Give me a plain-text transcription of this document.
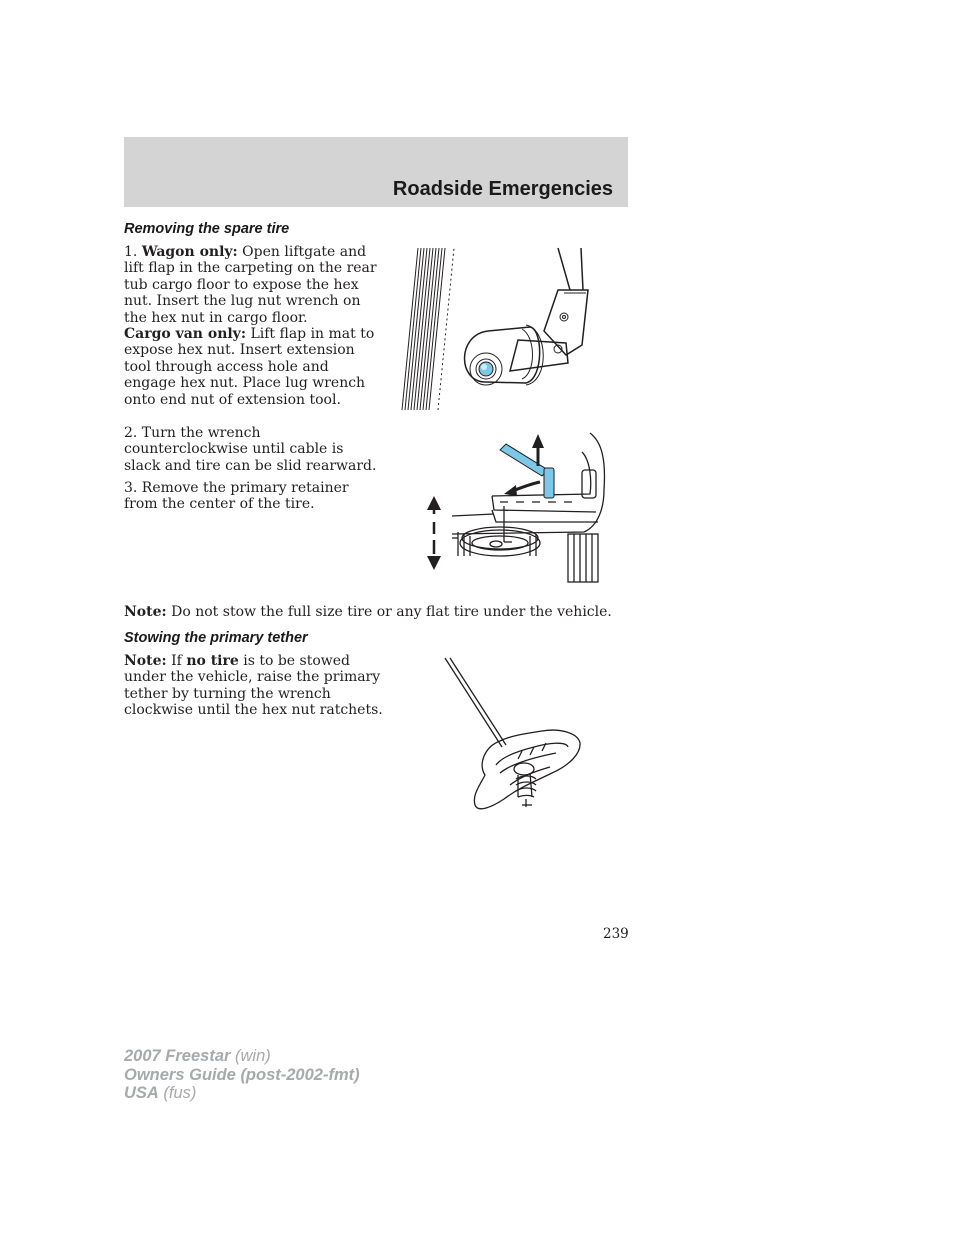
Roadside Emergencies
Removing the spare tire
1. Wagon only: Open liftgate and lift flap in the carpeting on the rear tub cargo floor to expose the hex nut. Insert the lug nut wrench on the hex nut in cargo floor.
Cargo van only: Lift flap in mat to expose hex nut. Insert extension tool through access hole and engage hex nut. Place lug wrench onto end nut of extension tool.
2. Turn the wrench counterclockwise until cable is slack and tire can be slid rearward.
3. Remove the primary retainer from the center of the tire.
Note: Do not stow the full size tire or any flat tire under the vehicle.
Stowing the primary tether
Note: If no tire is to be stowed under the vehicle, raise the primary tether by turning the wrench clockwise until the hex nut ratchets.
239
2007 Freestar (win)
Owners Guide (post-2002-fmt)
USA (fus)
